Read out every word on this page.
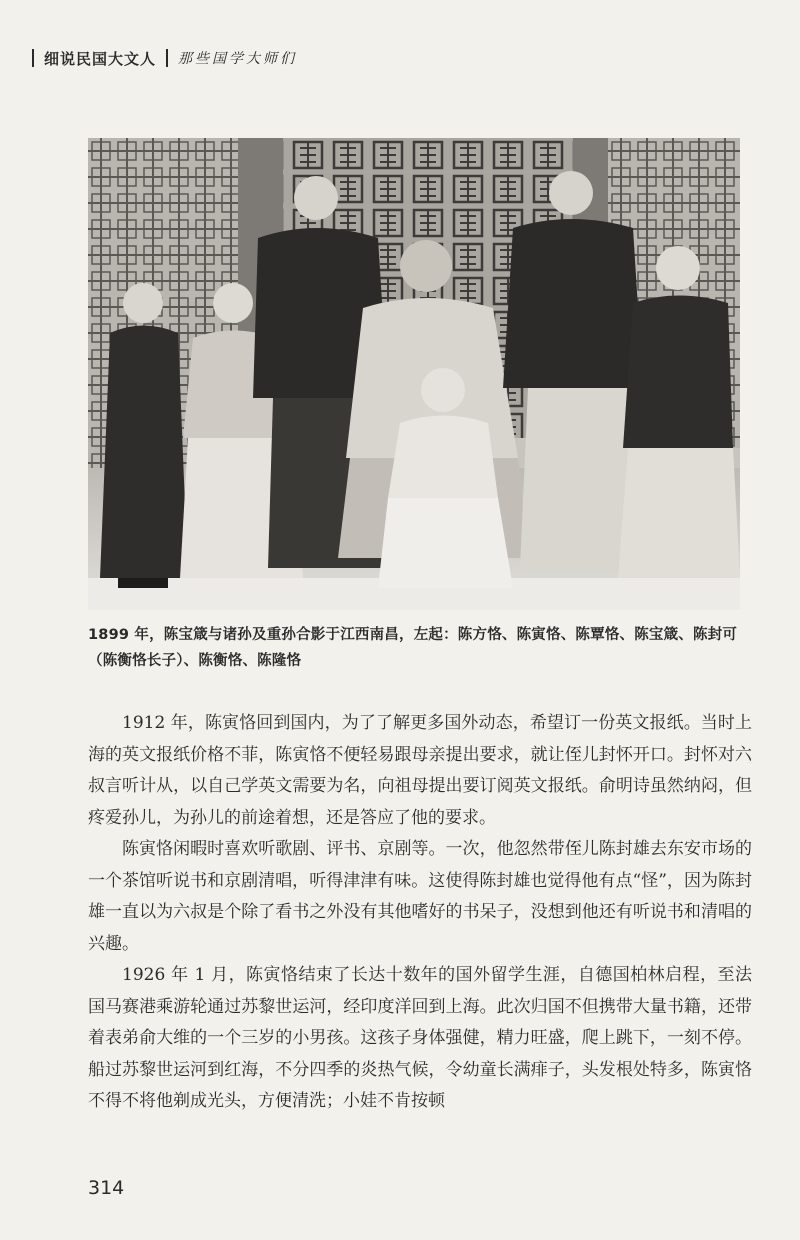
细说民国大文人 那些国学大师们
1899 年，陈宝箴与诸孙及重孙合影于江西南昌，左起：陈方恪、陈寅恪、陈覃恪、陈宝箴、陈封可（陈衡恪长子）、陈衡恪、陈隆恪

1912 年，陈寅恪回到国内，为了了解更多国外动态，希望订一份英文报纸。当时上海的英文报纸价格不菲，陈寅恪不便轻易跟母亲提出要求，就让侄儿封怀开口。封怀对六叔言听计从，以自己学英文需要为名，向祖母提出要订阅英文报纸。俞明诗虽然纳闷，但疼爱孙儿，为孙儿的前途着想，还是答应了他的要求。

陈寅恪闲暇时喜欢听歌剧、评书、京剧等。一次，他忽然带侄儿陈封雄去东安市场的一个茶馆听说书和京剧清唱，听得津津有味。这使得陈封雄也觉得他有点“怪”，因为陈封雄一直以为六叔是个除了看书之外没有其他嗜好的书呆子，没想到他还有听说书和清唱的兴趣。

1926 年 1 月，陈寅恪结束了长达十数年的国外留学生涯，自德国柏林启程，至法国马赛港乘游轮通过苏黎世运河，经印度洋回到上海。此次归国不但携带大量书籍，还带着表弟俞大维的一个三岁的小男孩。这孩子身体强健，精力旺盛，爬上跳下，一刻不停。船过苏黎世运河到红海，不分四季的炎热气候，令幼童长满痱子，头发根处特多，陈寅恪不得不将他剃成光头，方便清洗；小娃不肯按顿

314
